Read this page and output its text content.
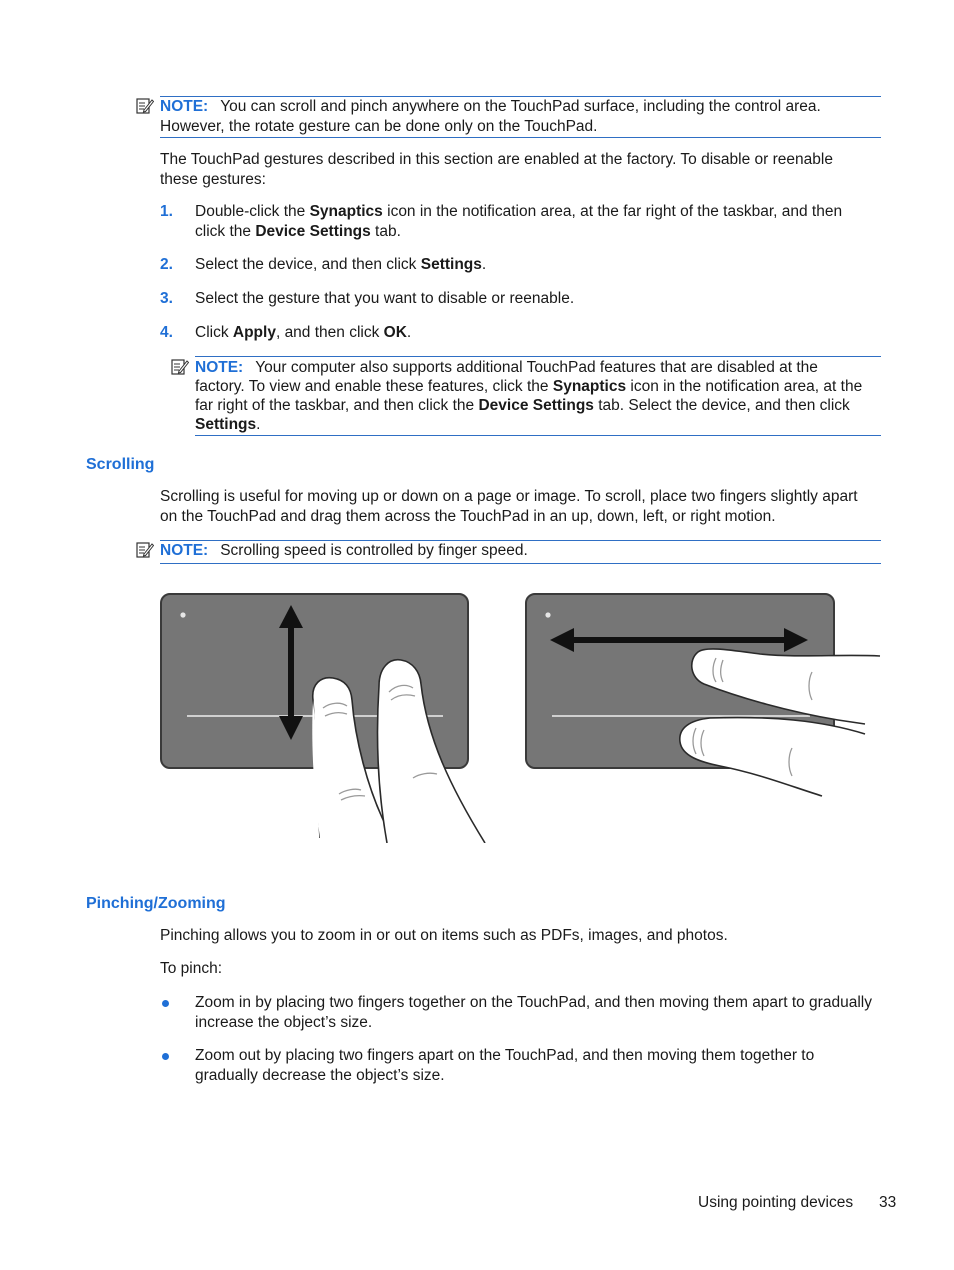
NOTE: You can scroll and pinch anywhere on the TouchPad surface, including the control area.
However, the rotate gesture can be done only on the TouchPad.
The TouchPad gestures described in this section are enabled at the factory. To disable or reenable
these gestures:
1. Double-click the Synaptics icon in the notification area, at the far right of the taskbar, and then
click the Device Settings tab.
2. Select the device, and then click Settings.
3. Select the gesture that you want to disable or reenable.
4. Click Apply, and then click OK.
NOTE: Your computer also supports additional TouchPad features that are disabled at the
factory. To view and enable these features, click the Synaptics icon in the notification area, at the
far right of the taskbar, and then click the Device Settings tab. Select the device, and then click
Settings.
Scrolling
Scrolling is useful for moving up or down on a page or image. To scroll, place two fingers slightly apart
on the TouchPad and drag them across the TouchPad in an up, down, left, or right motion.
NOTE: Scrolling speed is controlled by finger speed.
Pinching/Zooming
Pinching allows you to zoom in or out on items such as PDFs, images, and photos.
To pinch:
Zoom in by placing two fingers together on the TouchPad, and then moving them apart to gradually
increase the object’s size.
Zoom out by placing two fingers apart on the TouchPad, and then moving them together to
gradually decrease the object’s size.
Using pointing devices 33
